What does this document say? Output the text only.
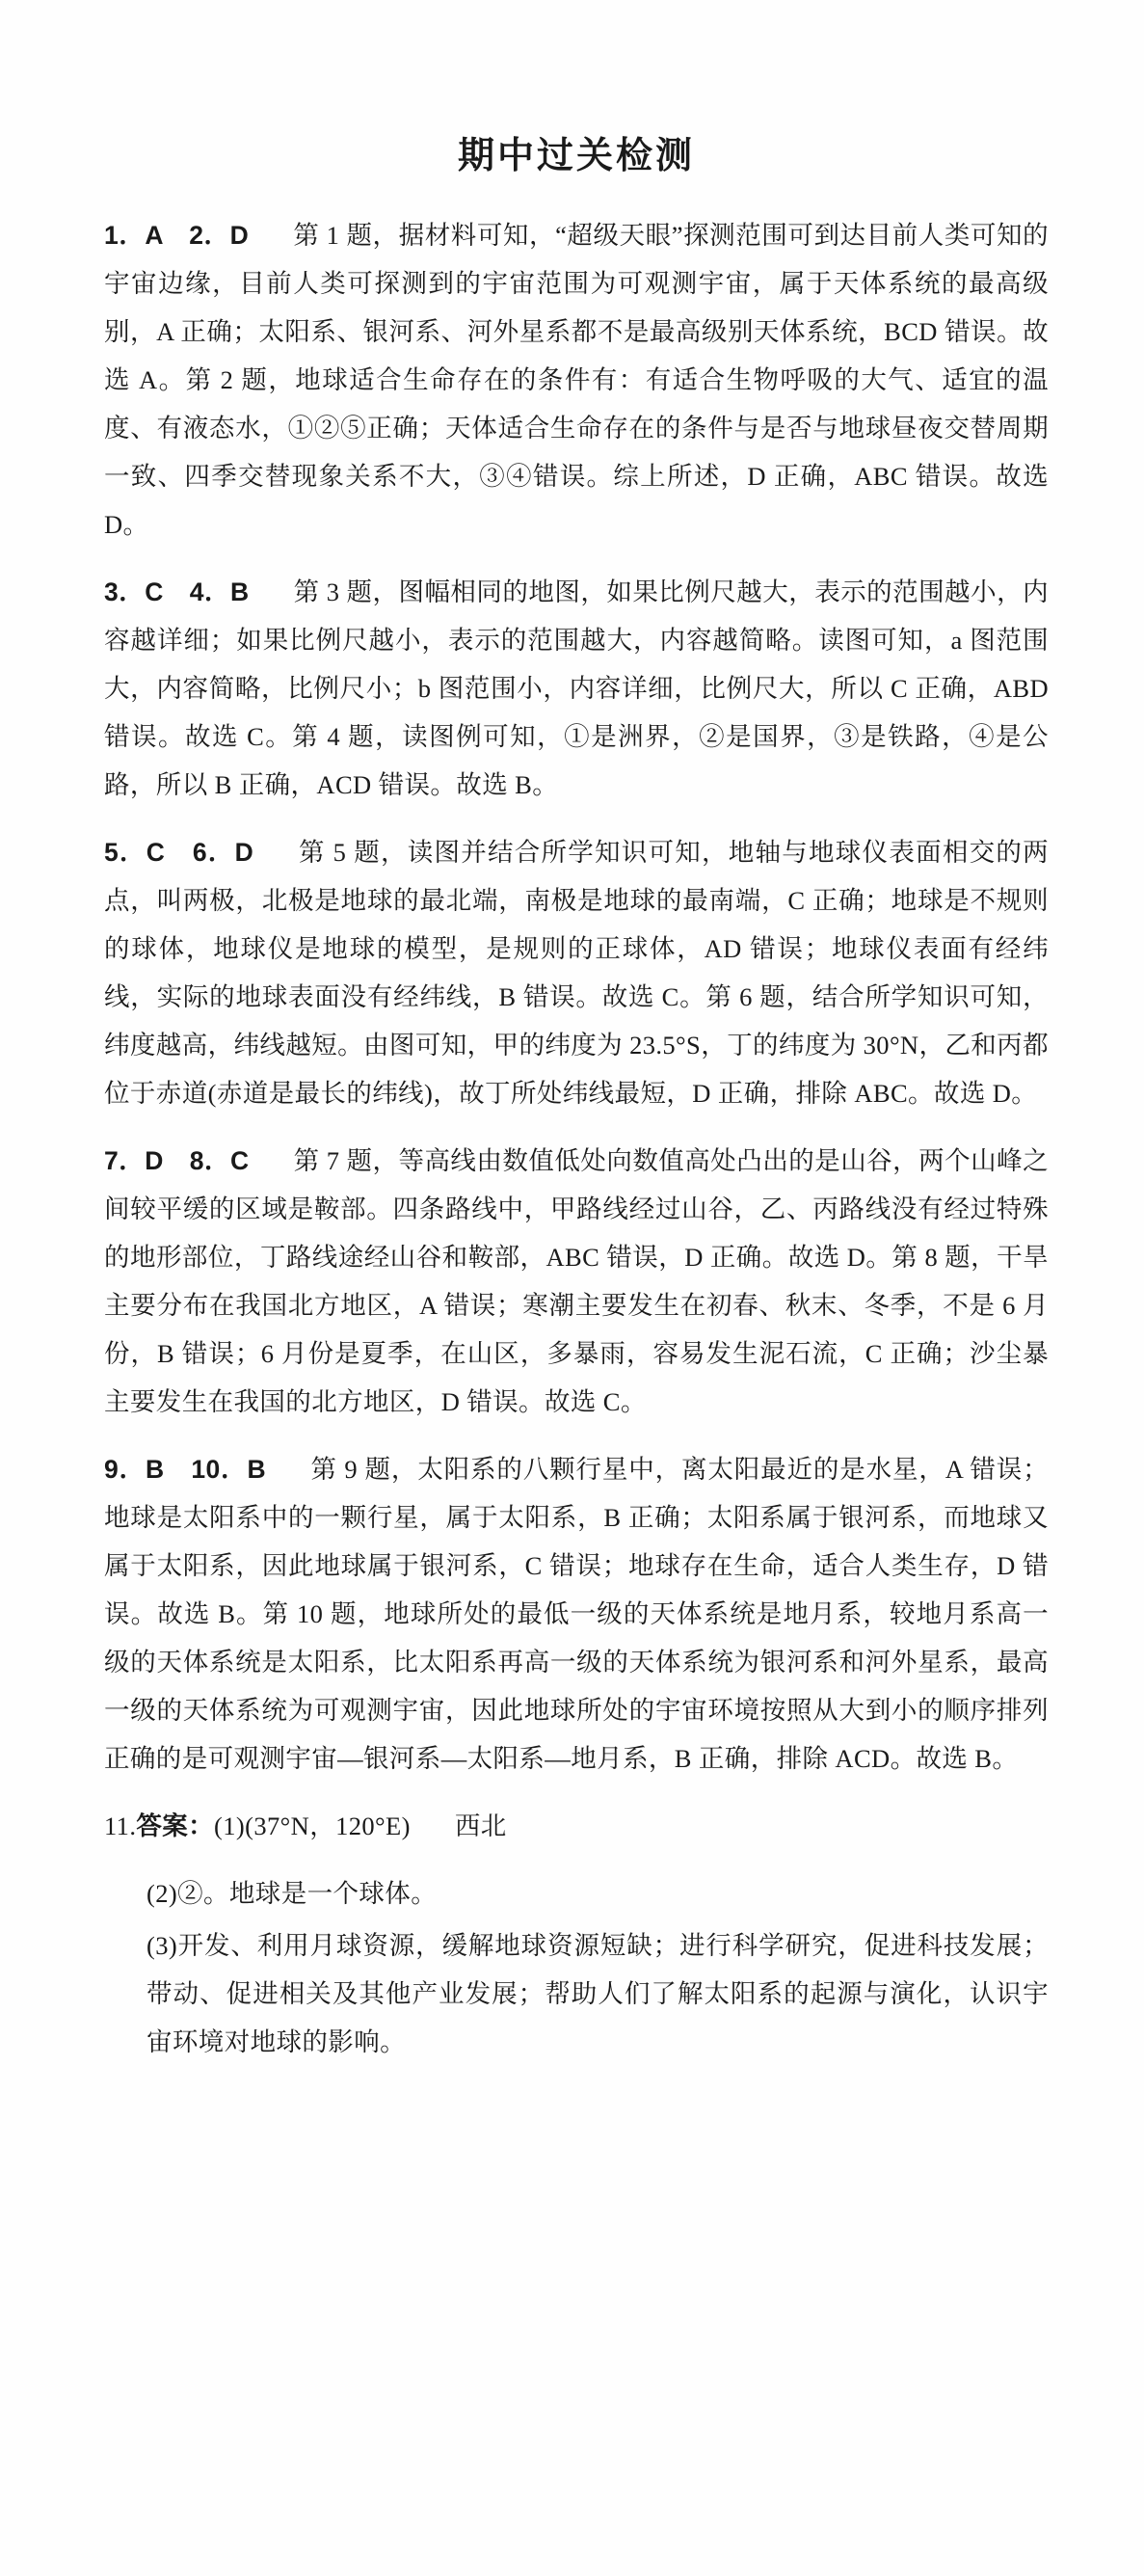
期中过关检测

1．A　2．D 第 1 题，据材料可知，“超级天眼”探测范围可到达目前人类可知的宇宙边缘，目前人类可探测到的宇宙范围为可观测宇宙，属于天体系统的最高级别，A 正确；太阳系、银河系、河外星系都不是最高级别天体系统，BCD 错误。故选 A。第 2 题，地球适合生命存在的条件有：有适合生物呼吸的大气、适宜的温度、有液态水，①②⑤正确；天体适合生命存在的条件与是否与地球昼夜交替周期一致、四季交替现象关系不大，③④错误。综上所述，D 正确，ABC 错误。故选 D。

3．C　4．B 第 3 题，图幅相同的地图，如果比例尺越大，表示的范围越小，内容越详细；如果比例尺越小，表示的范围越大，内容越简略。读图可知，a 图范围大，内容简略，比例尺小；b 图范围小，内容详细，比例尺大，所以 C 正确，ABD 错误。故选 C。第 4 题，读图例可知，①是洲界，②是国界，③是铁路，④是公路，所以 B 正确，ACD 错误。故选 B。

5．C　6．D 第 5 题，读图并结合所学知识可知，地轴与地球仪表面相交的两点，叫两极，北极是地球的最北端，南极是地球的最南端，C 正确；地球是不规则的球体，地球仪是地球的模型，是规则的正球体，AD 错误；地球仪表面有经纬线，实际的地球表面没有经纬线，B 错误。故选 C。第 6 题，结合所学知识可知，纬度越高，纬线越短。由图可知，甲的纬度为 23.5°S，丁的纬度为 30°N，乙和丙都位于赤道(赤道是最长的纬线)，故丁所处纬线最短，D 正确，排除 ABC。故选 D。

7．D　8．C 第 7 题，等高线由数值低处向数值高处凸出的是山谷，两个山峰之间较平缓的区域是鞍部。四条路线中，甲路线经过山谷，乙、丙路线没有经过特殊的地形部位，丁路线途经山谷和鞍部，ABC 错误，D 正确。故选 D。第 8 题，干旱主要分布在我国北方地区，A 错误；寒潮主要发生在初春、秋末、冬季，不是 6 月份，B 错误；6 月份是夏季，在山区，多暴雨，容易发生泥石流，C 正确；沙尘暴主要发生在我国的北方地区，D 错误。故选 C。

9．B　10．B 第 9 题，太阳系的八颗行星中，离太阳最近的是水星，A 错误；地球是太阳系中的一颗行星，属于太阳系，B 正确；太阳系属于银河系，而地球又属于太阳系，因此地球属于银河系，C 错误；地球存在生命，适合人类生存，D 错误。故选 B。第 10 题，地球所处的最低一级的天体系统是地月系，较地月系高一级的天体系统是太阳系，比太阳系再高一级的天体系统为银河系和河外星系，最高一级的天体系统为可观测宇宙，因此地球所处的宇宙环境按照从大到小的顺序排列正确的是可观测宇宙—银河系—太阳系—地月系，B 正确，排除 ACD。故选 B。

11.答案：(1)(37°N，120°E) 西北

(2)②。地球是一个球体。

(3)开发、利用月球资源，缓解地球资源短缺；进行科学研究，促进科技发展；带动、促进相关及其他产业发展；帮助人们了解太阳系的起源与演化，认识宇宙环境对地球的影响。
